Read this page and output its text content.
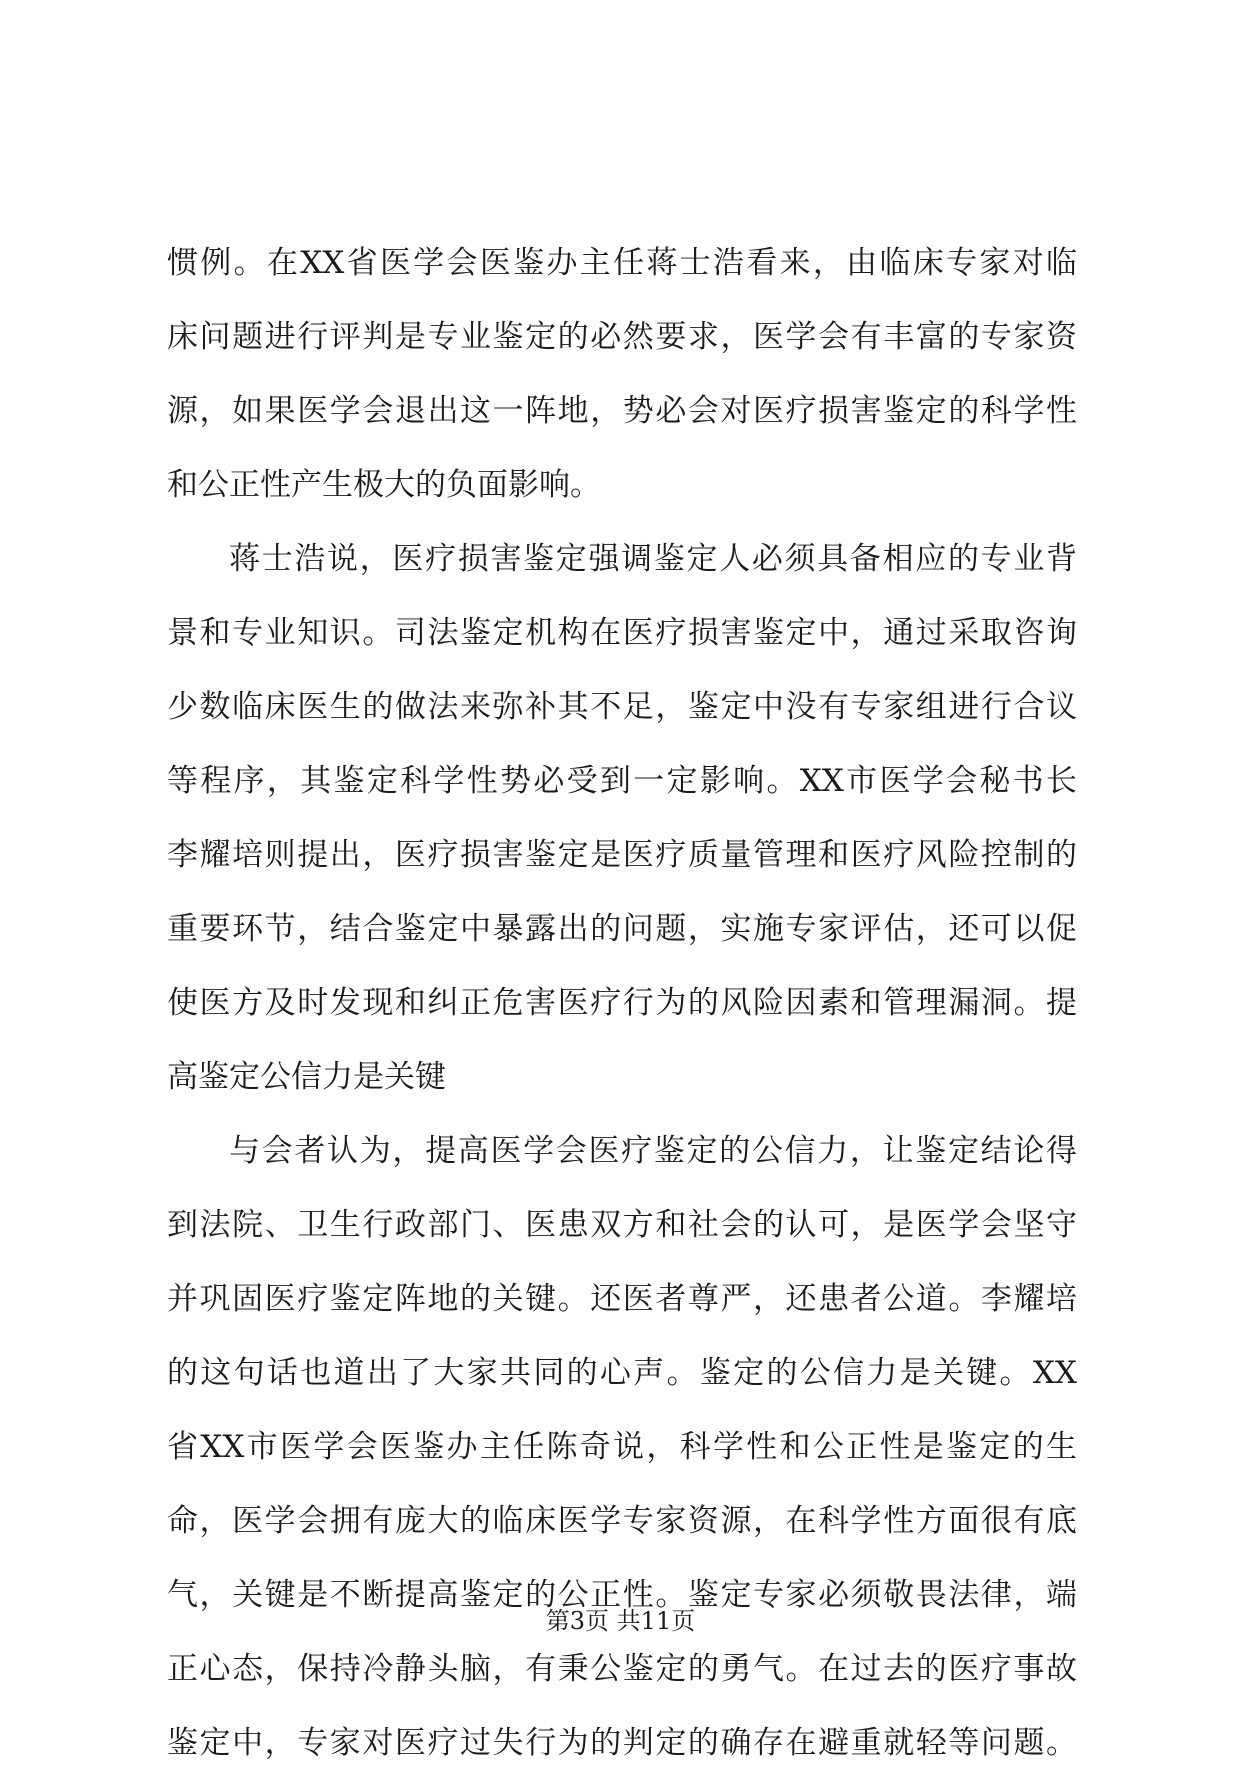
惯例。在XX省医学会医鉴办主任蒋士浩看来，由临床专家对临
床问题进行评判是专业鉴定的必然要求，医学会有丰富的专家资
源，如果医学会退出这一阵地，势必会对医疗损害鉴定的科学性
和公正性产生极大的负面影响。
蒋士浩说，医疗损害鉴定强调鉴定人必须具备相应的专业背
景和专业知识。司法鉴定机构在医疗损害鉴定中，通过采取咨询
少数临床医生的做法来弥补其不足，鉴定中没有专家组进行合议
等程序，其鉴定科学性势必受到一定影响。XX市医学会秘书长
李耀培则提出，医疗损害鉴定是医疗质量管理和医疗风险控制的
重要环节，结合鉴定中暴露出的问题，实施专家评估，还可以促
使医方及时发现和纠正危害医疗行为的风险因素和管理漏洞。提
高鉴定公信力是关键
与会者认为，提高医学会医疗鉴定的公信力，让鉴定结论得
到法院、卫生行政部门、医患双方和社会的认可，是医学会坚守
并巩固医疗鉴定阵地的关键。还医者尊严，还患者公道。李耀培
的这句话也道出了大家共同的心声。鉴定的公信力是关键。XX
省XX市医学会医鉴办主任陈奇说，科学性和公正性是鉴定的生
命，医学会拥有庞大的临床医学专家资源，在科学性方面很有底
气，关键是不断提高鉴定的公正性。鉴定专家必须敬畏法律，端
正心态，保持冷静头脑，有秉公鉴定的勇气。在过去的医疗事故
鉴定中，专家对医疗过失行为的判定的确存在避重就轻等问题。
第3页 共11页
